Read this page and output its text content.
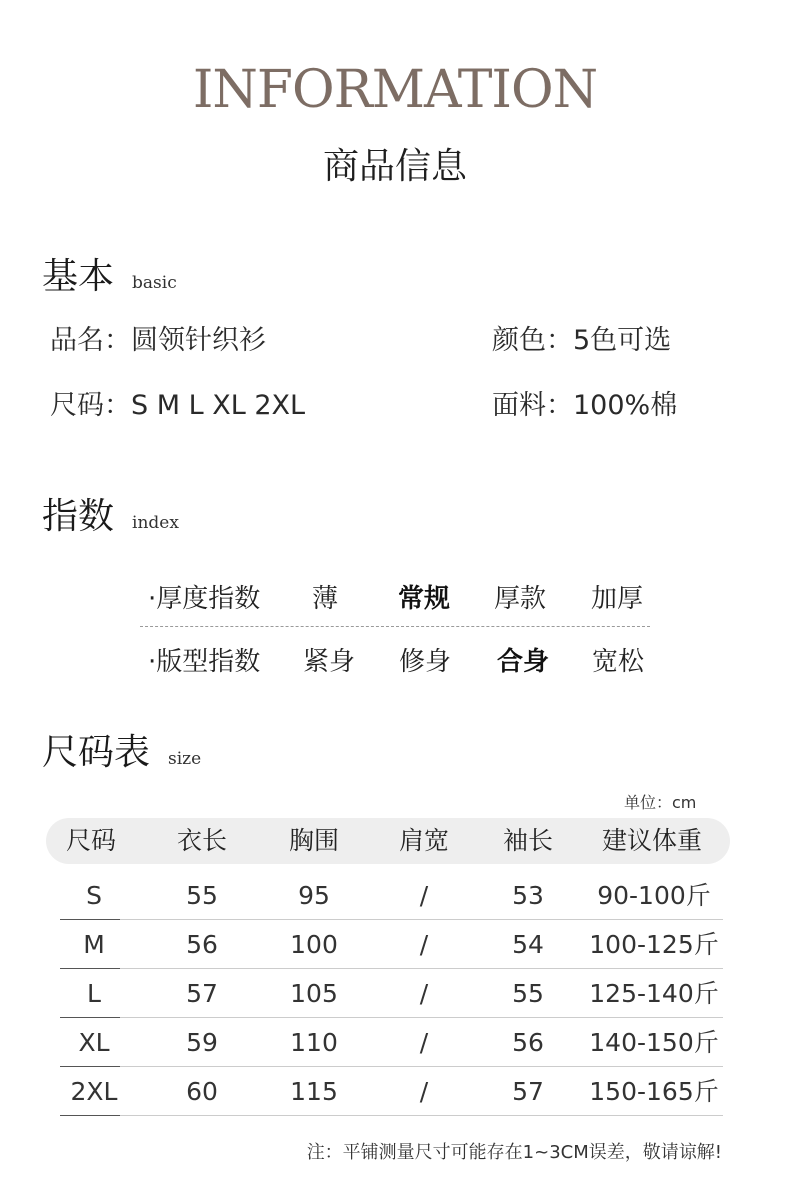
INFORMATION
商品信息
基本 basic
品名：圆领针织衫	颜色：5色可选
尺码：S M L XL 2XL	面料：100%棉
指数 index
·厚度指数 薄 常规 厚款 加厚
·版型指数 紧身 修身 合身 宽松
尺码表 size
单位：cm
尺码	衣长	胸围	肩宽	袖长	建议体重
S	55	95	/	53	90-100斤
M	56	100	/	54	100-125斤
L	57	105	/	55	125-140斤
XL	59	110	/	56	140-150斤
2XL	60	115	/	57	150-165斤
注：平铺测量尺寸可能存在1~3CM误差，敬请谅解!
